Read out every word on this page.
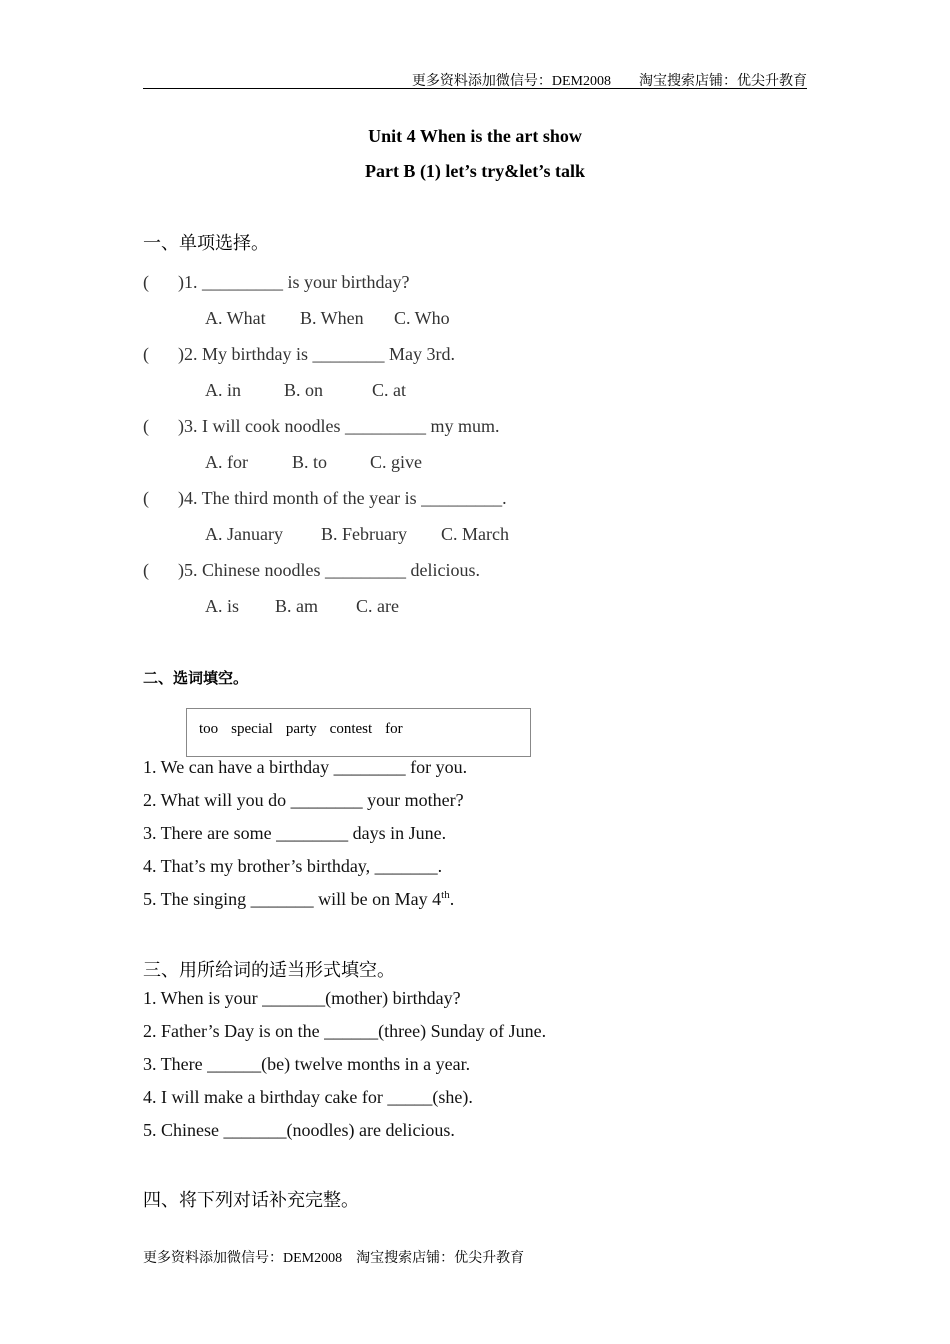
更多资料添加微信号：DEM2008　　淘宝搜索店铺：优尖升教育
Unit 4 When is the art show
Part B (1) let’s try&let’s talk
一、单项选择。
( )1. _________ is your birthday?
A. What B. When C. Who
( )2. My birthday is ________ May 3rd.
A. in B. on	C. at
( )3. I will cook noodles _________ my mum.
A. for B. to C. give
( )4. The third month of the year is _________.
A. January B. February C. March
( )5. Chinese noodles _________ delicious.
A. is B. am C. are
二、选词填空。
too special party contest for
1. We can have a birthday ________ for you.
2. What will you do ________ your mother?
3. There are some ________ days in June.
4. That’s my brother’s birthday, _______.
5. The singing _______ will be on May 4th.
三、用所给词的适当形式填空。
1. When is your _______(mother) birthday?
2. Father’s Day is on the ______(three) Sunday of June.
3. There ______(be) twelve months in a year.
4. I will make a birthday cake for _____(she).
5. Chinese _______(noodles) are delicious.
四、将下列对话补充完整。
更多资料添加微信号：DEM2008　淘宝搜索店铺：优尖升教育
